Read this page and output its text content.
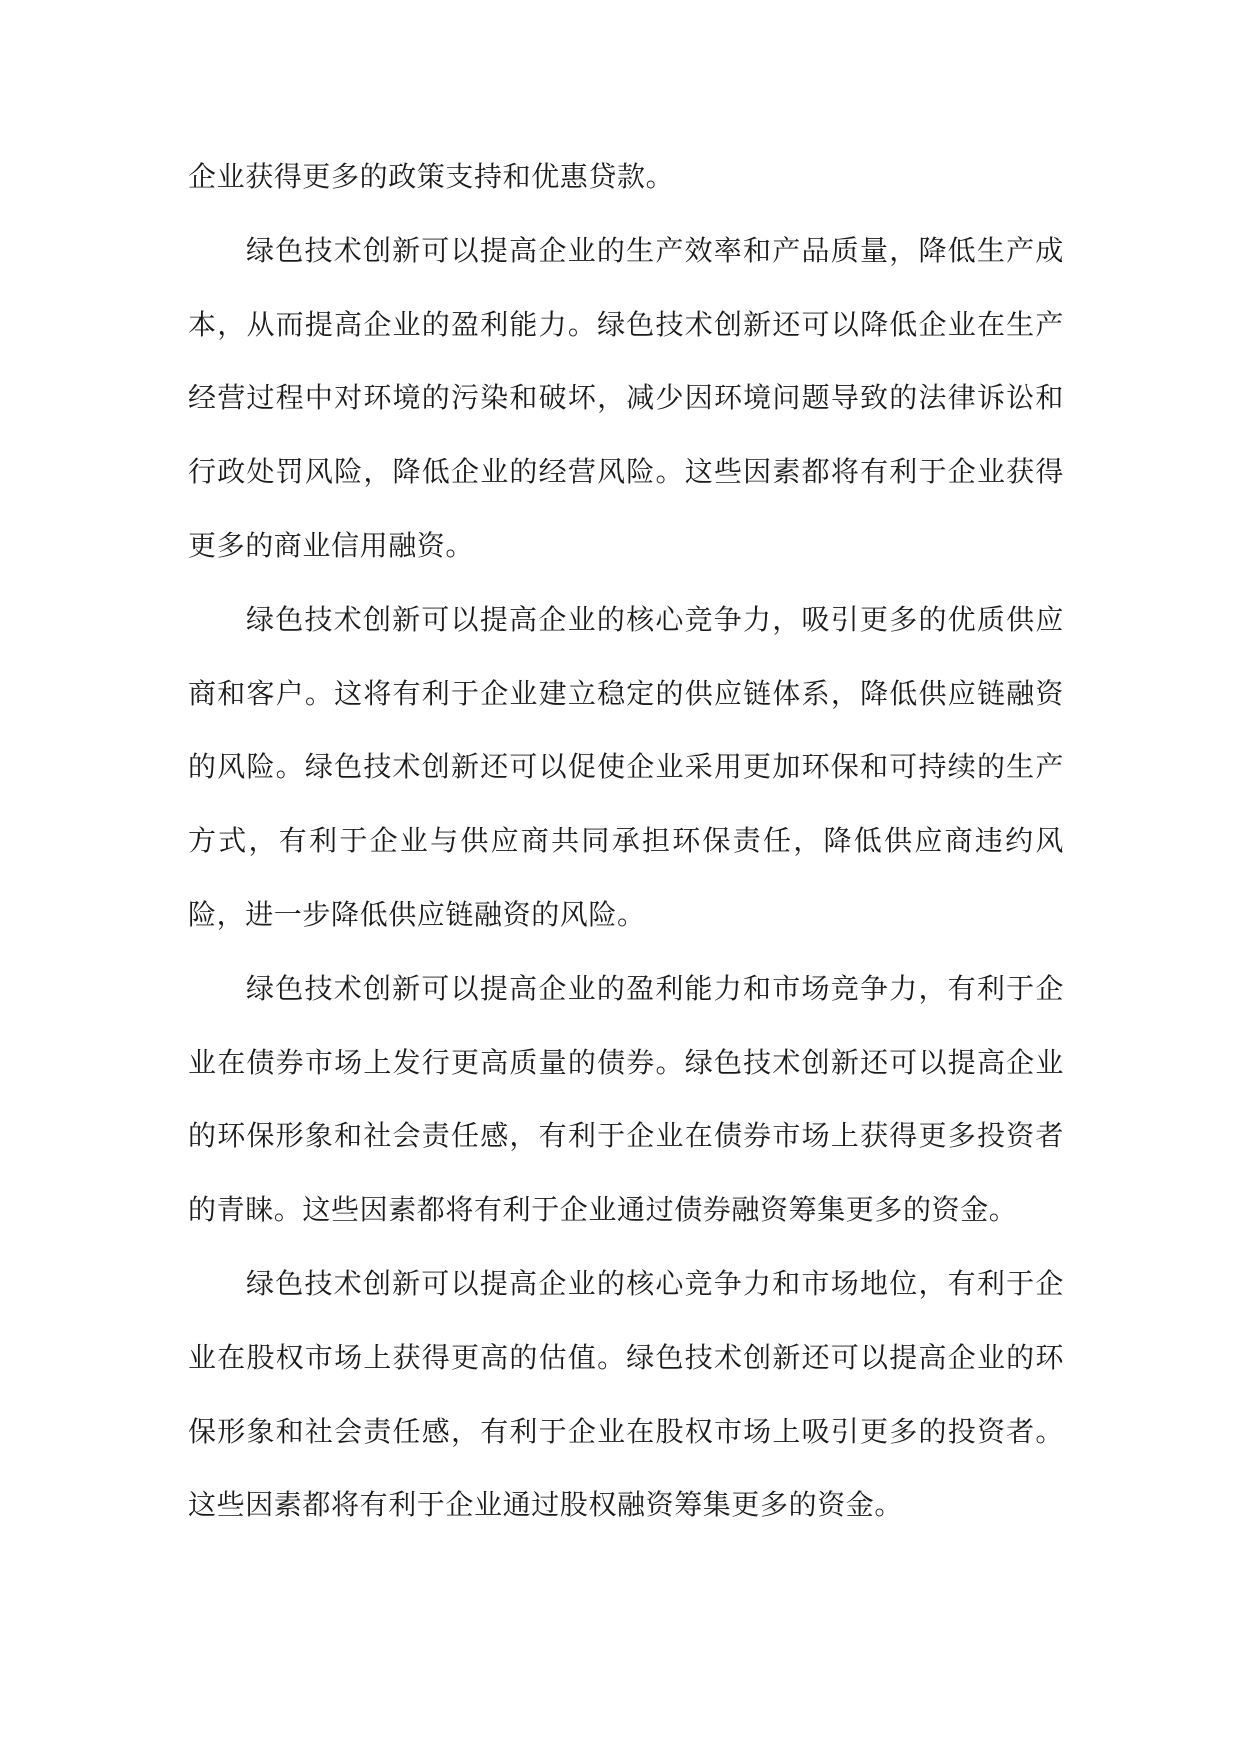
企业获得更多的政策支持和优惠贷款。

绿色技术创新可以提高企业的生产效率和产品质量，降低生产成本，从而提高企业的盈利能力。绿色技术创新还可以降低企业在生产经营过程中对环境的污染和破坏，减少因环境问题导致的法律诉讼和行政处罚风险，降低企业的经营风险。这些因素都将有利于企业获得更多的商业信用融资。

绿色技术创新可以提高企业的核心竞争力，吸引更多的优质供应商和客户。这将有利于企业建立稳定的供应链体系，降低供应链融资的风险。绿色技术创新还可以促使企业采用更加环保和可持续的生产方式，有利于企业与供应商共同承担环保责任，降低供应商违约风险，进一步降低供应链融资的风险。

绿色技术创新可以提高企业的盈利能力和市场竞争力，有利于企业在债券市场上发行更高质量的债券。绿色技术创新还可以提高企业的环保形象和社会责任感，有利于企业在债券市场上获得更多投资者的青睐。这些因素都将有利于企业通过债券融资筹集更多的资金。

绿色技术创新可以提高企业的核心竞争力和市场地位，有利于企业在股权市场上获得更高的估值。绿色技术创新还可以提高企业的环保形象和社会责任感，有利于企业在股权市场上吸引更多的投资者。这些因素都将有利于企业通过股权融资筹集更多的资金。
